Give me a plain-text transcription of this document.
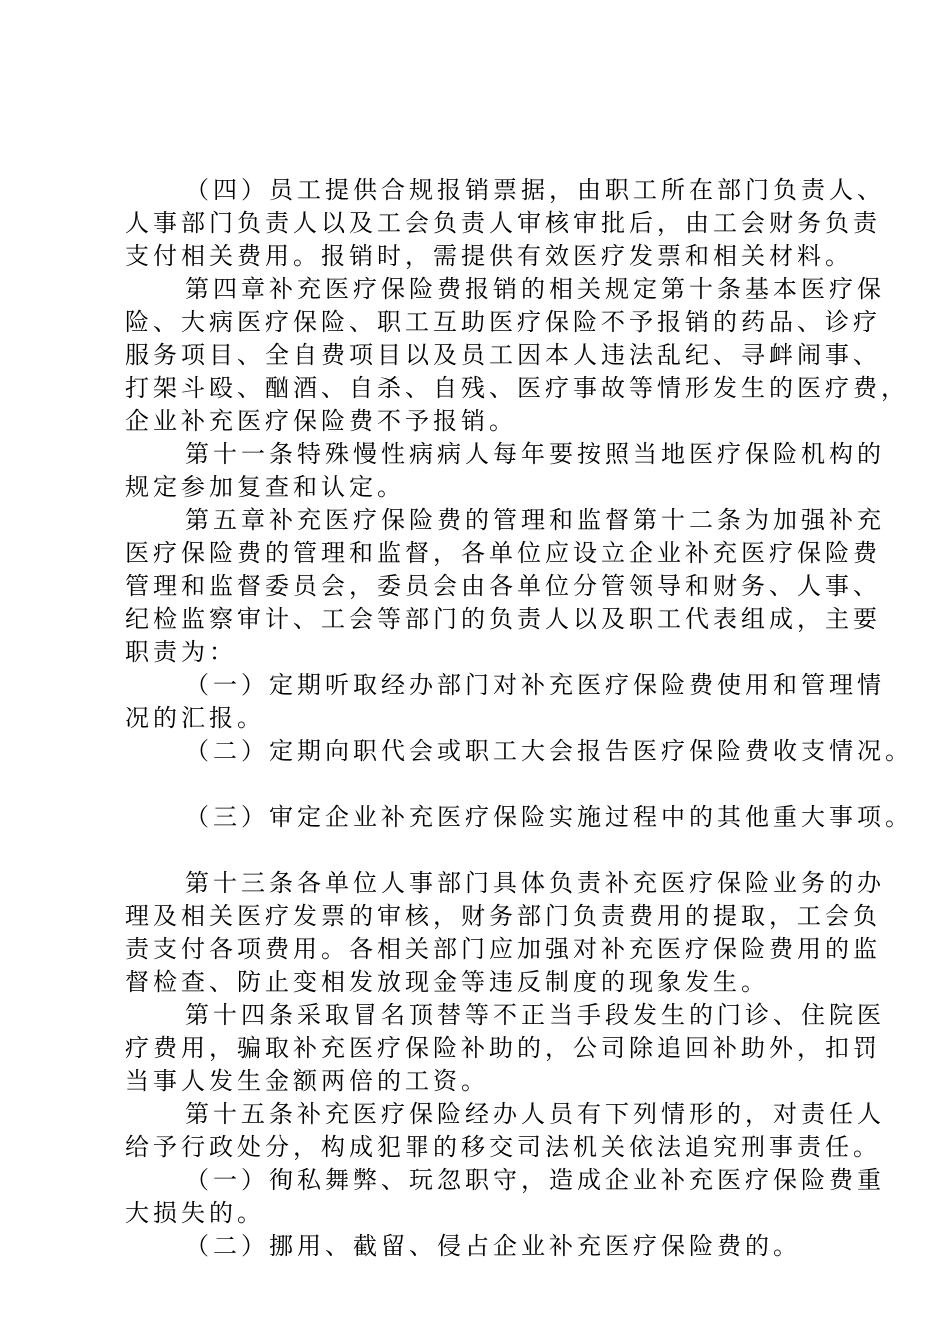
（四）员工提供合规报销票据，由职工所在部门负责人、
人事部门负责人以及工会负责人审核审批后，由工会财务负责
支付相关费用。报销时，需提供有效医疗发票和相关材料。
第四章补充医疗保险费报销的相关规定第十条基本医疗保
险、大病医疗保险、职工互助医疗保险不予报销的药品、诊疗
服务项目、全自费项目以及员工因本人违法乱纪、寻衅闹事、
打架斗殴、酗酒、自杀、自残、医疗事故等情形发生的医疗费，
企业补充医疗保险费不予报销。
第十一条特殊慢性病病人每年要按照当地医疗保险机构的
规定参加复查和认定。
第五章补充医疗保险费的管理和监督第十二条为加强补充
医疗保险费的管理和监督，各单位应设立企业补充医疗保险费
管理和监督委员会，委员会由各单位分管领导和财务、人事、
纪检监察审计、工会等部门的负责人以及职工代表组成，主要
职责为：
（一）定期听取经办部门对补充医疗保险费使用和管理情
况的汇报。
（二）定期向职代会或职工大会报告医疗保险费收支情况。
（三）审定企业补充医疗保险实施过程中的其他重大事项。
第十三条各单位人事部门具体负责补充医疗保险业务的办
理及相关医疗发票的审核，财务部门负责费用的提取，工会负
责支付各项费用。各相关部门应加强对补充医疗保险费用的监
督检查、防止变相发放现金等违反制度的现象发生。
第十四条采取冒名顶替等不正当手段发生的门诊、住院医
疗费用，骗取补充医疗保险补助的，公司除追回补助外，扣罚
当事人发生金额两倍的工资。
第十五条补充医疗保险经办人员有下列情形的，对责任人
给予行政处分，构成犯罪的移交司法机关依法追究刑事责任。
（一）徇私舞弊、玩忽职守，造成企业补充医疗保险费重
大损失的。
（二）挪用、截留、侵占企业补充医疗保险费的。
